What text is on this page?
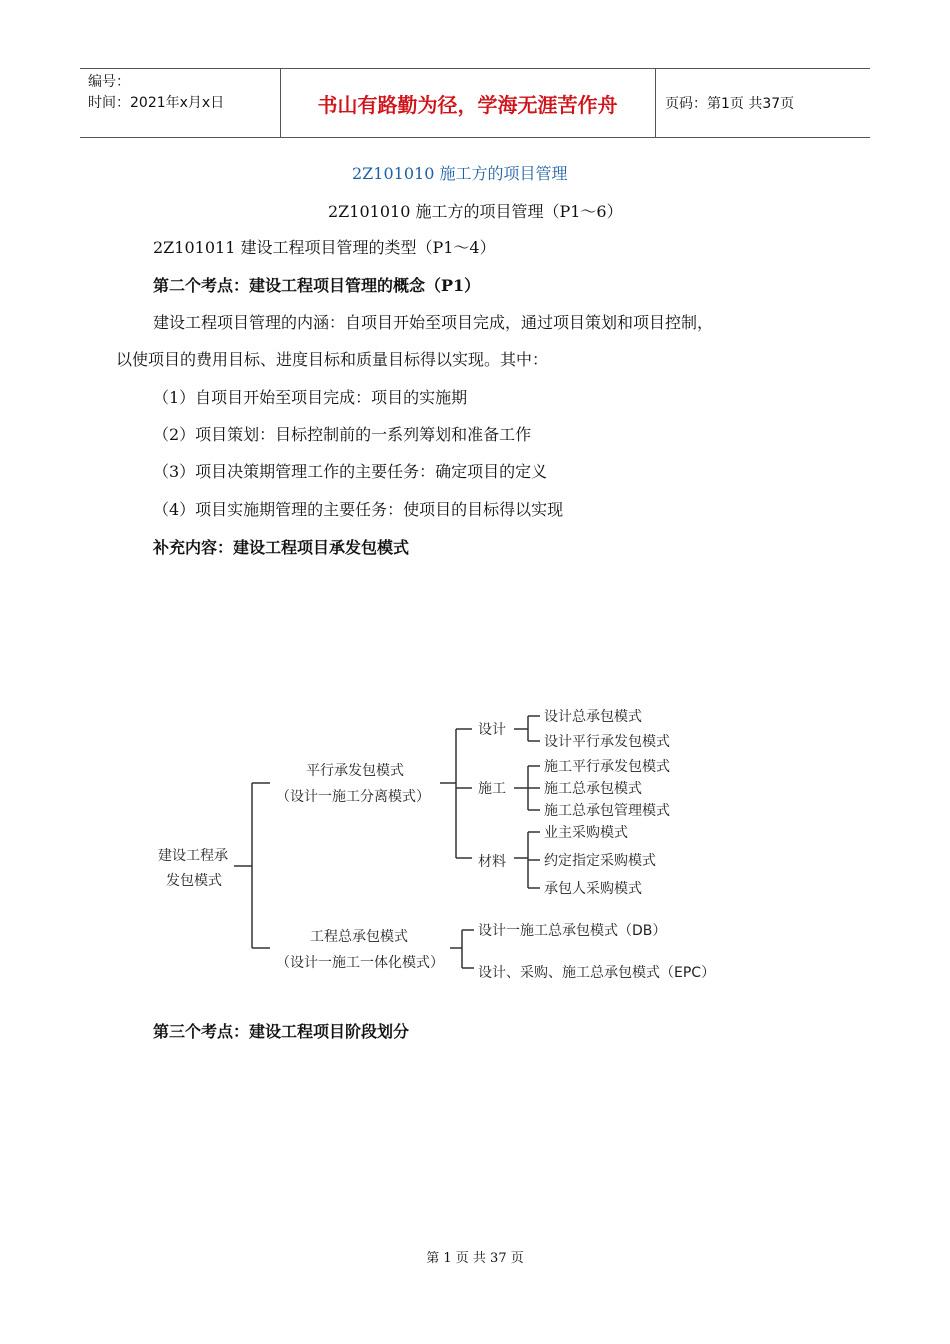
编号：
时间：2021年x月x日	书山有路勤为径，学海无涯苦作舟	页码：第1页 共37页
2Z101010 施工方的项目管理
2Z101010 施工方的项目管理（P1～6）
2Z101011 建设工程项目管理的类型（P1～4）
第二个考点：建设工程项目管理的概念（P1）
建设工程项目管理的内涵：自项目开始至项目完成，通过项目策划和项目控制，
以使项目的费用目标、进度目标和质量目标得以实现。其中：
（1）自项目开始至项目完成：项目的实施期
（2）项目策划：目标控制前的一系列筹划和准备工作
（3）项目决策期管理工作的主要任务：确定项目的定义
（4）项目实施期管理的主要任务：使项目的目标得以实现
补充内容：建设工程项目承发包模式
建设工程承
发包模式
平行承发包模式
（设计一施工分离模式）
工程总承包模式
（设计一施工一体化模式）
设计
设计总承包模式
设计平行承发包模式
施工
施工平行承发包模式
施工总承包模式
施工总承包管理模式
材料
业主采购模式
约定指定采购模式
承包人采购模式
设计一施工总承包模式（DB）
设计、采购、施工总承包模式（EPC）
第三个考点：建设工程项目阶段划分
第 1 页 共 37 页
